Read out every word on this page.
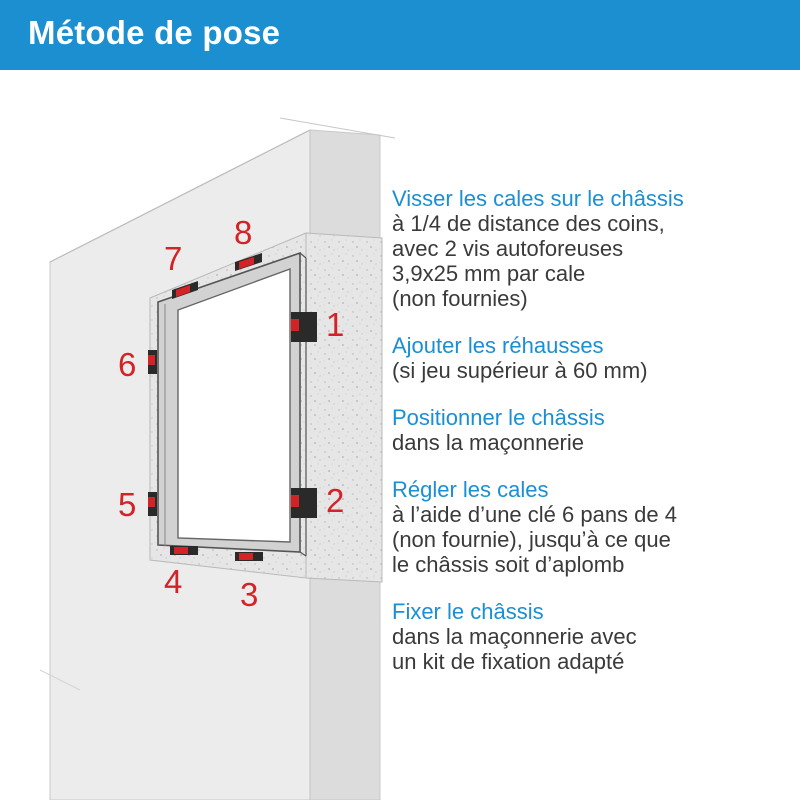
Métode de pose
1
2
3
4
5
6
7
8
Visser les cales sur le châssis
à 1/4 de distance des coins,
avec 2 vis autoforeuses
3,9x25 mm par cale
(non fournies)
Ajouter les réhausses
(si jeu supérieur à 60 mm)
Positionner le châssis
dans la maçonnerie
Régler les cales
à l’aide d’une clé 6 pans de 4
(non fournie), jusqu’à ce que
le châssis soit d’aplomb
Fixer le châssis
dans la maçonnerie avec
un kit de fixation adapté
